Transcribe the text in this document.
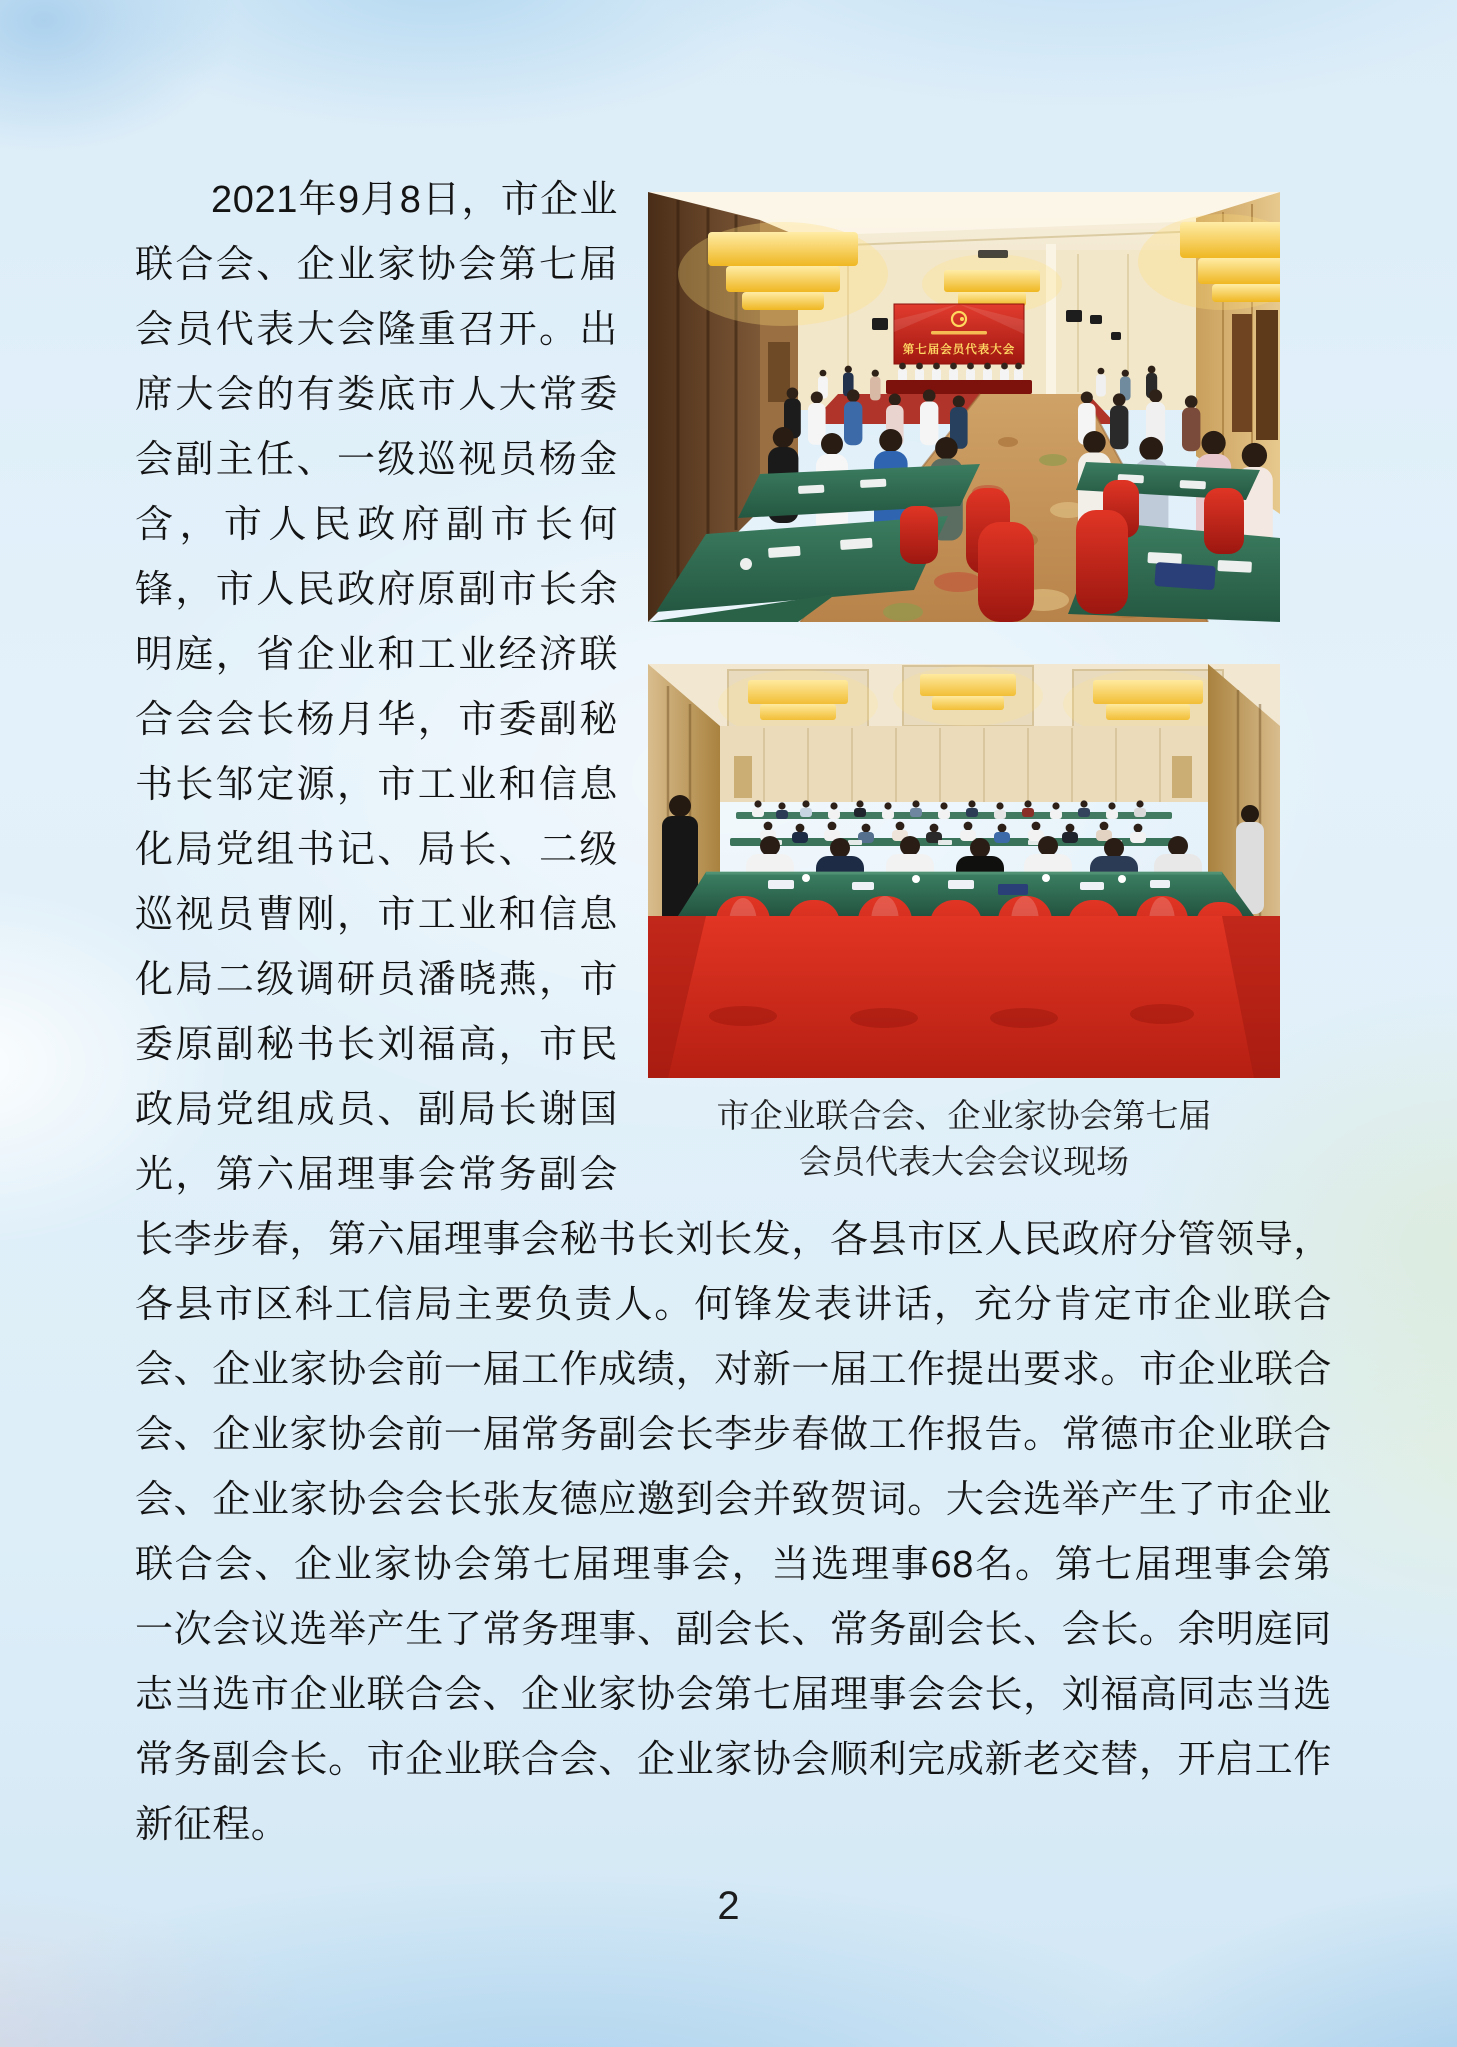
第七届会员代表大会
市企业联合会、企业家协会第七届
会员代表大会会议现场

2021年9月8日，市企业联合会、企业家协会第七届会员代表大会隆重召开。出席大会的有娄底市人大常委会副主任、一级巡视员杨金含，市人民政府副市长何锋，市人民政府原副市长余明庭，省企业和工业经济联合会会长杨月华，市委副秘书长邹定源，市工业和信息化局党组书记、局长、二级巡视员曹刚，市工业和信息化局二级调研员潘晓燕，市委原副秘书长刘福高，市民政局党组成员、副局长谢国光，第六届理事会常务副会长李步春，第六届理事会秘书长刘长发，各县市区人民政府分管领导，各县市区科工信局主要负责人。何锋发表讲话，充分肯定市企业联合会、企业家协会前一届工作成绩，对新一届工作提出要求。市企业联合会、企业家协会前一届常务副会长李步春做工作报告。常德市企业联合会、企业家协会会长张友德应邀到会并致贺词。大会选举产生了市企业联合会、企业家协会第七届理事会，当选理事68名。第七届理事会第一次会议选举产生了常务理事、副会长、常务副会长、会长。余明庭同志当选市企业联合会、企业家协会第七届理事会会长，刘福高同志当选常务副会长。市企业联合会、企业家协会顺利完成新老交替，开启工作新征程。

2
